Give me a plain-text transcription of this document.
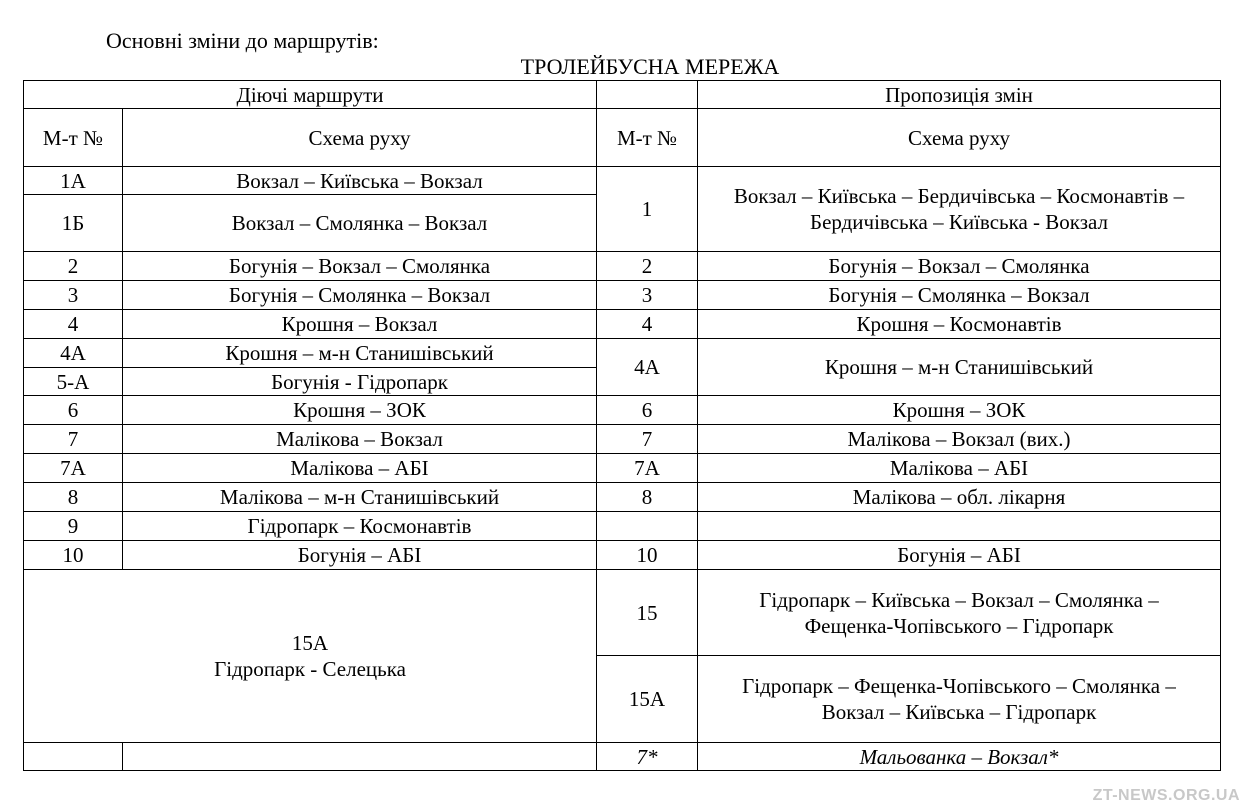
Основні зміни до маршрутів:
ТРОЛЕЙБУСНА МЕРЕЖА
Діючі маршрути			Пропозиція змін
М-т №	Схема руху	М-т №	Схема руху
1А	Вокзал – Київська – Вокзал	1	Вокзал – Київська – Бердичівська – Космонавтів –
Бердичівська – Київська - Вокзал
1Б	Вокзал – Смолянка – Вокзал		
2	Богунія – Вокзал – Смолянка	2	Богунія – Вокзал – Смолянка
3	Богунія – Смолянка – Вокзал	3	Богунія – Смолянка – Вокзал
4	Крошня – Вокзал	4	Крошня – Космонавтів
4А	Крошня – м-н Станишівський	4А	Крошня – м-н Станишівський
5-А	Богунія - Гідропарк		
6	Крошня – ЗОК	6	Крошня – ЗОК
7	Малікова – Вокзал	7	Малікова – Вокзал (вих.)
7А	Малікова – АБІ	7А	Малікова – АБІ
8	Малікова – м-н Станишівський	8	Малікова – обл. лікарня
9	Гідропарк – Космонавтів		
10	Богунія – АБІ	10	Богунія – АБІ
15А
Гідропарк - Селецька		15	Гідропарк – Київська – Вокзал – Смолянка –
Фещенка-Чопівського – Гідропарк
		15А	Гідропарк – Фещенка-Чопівського – Смолянка –
Вокзал – Київська – Гідропарк
		7*	Мальованка – Вокзал*
ZT-NEWS.ORG.UA
